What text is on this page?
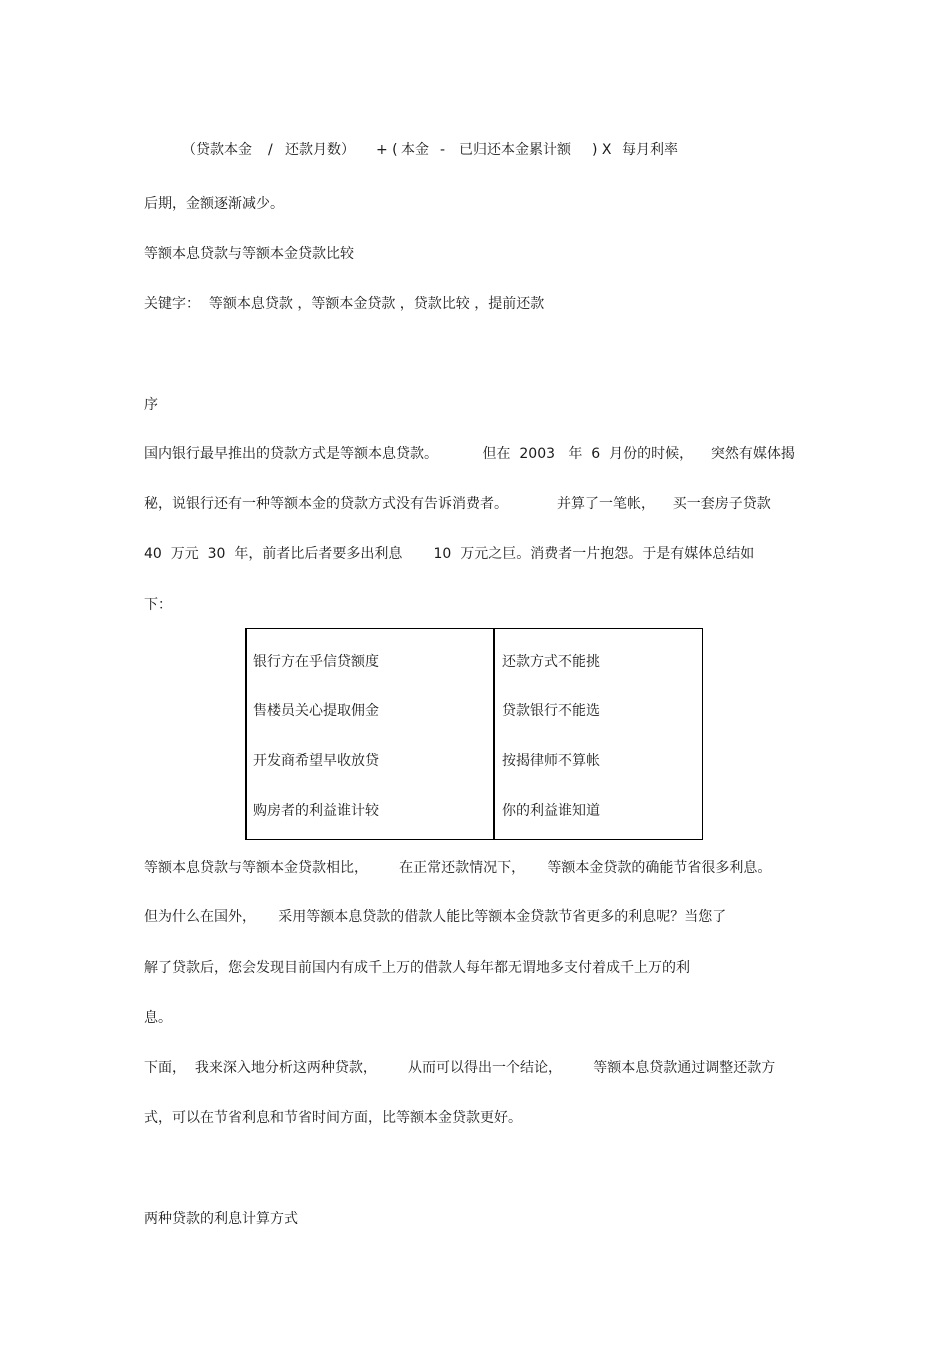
（贷款本金 / 还款月数） + ( 本金 - 已归还本金累计额 ) X 每月利率

后期，金额逐渐减少。

等额本息贷款与等额本金贷款比较

关键字：  等额本息贷款 ，等额本金贷款 ，贷款比较 ，提前还款

序

国内银行最早推出的贷款方式是等额本息贷款。          但在  2003   年  6  月份的时候，    突然有媒体揭

秘，说银行还有一种等额本金的贷款方式没有告诉消费者。           并算了一笔帐，    买一套房子贷款

40  万元  30  年，前者比后者要多出利息       10  万元之巨。消费者一片抱怨。于是有媒体总结如

下：

银行方在乎信贷额度	还款方式不能挑
售楼员关心提取佣金	贷款银行不能选
开发商希望早收放贷	按揭律师不算帐
购房者的利益谁计较	你的利益谁知道

等额本息贷款与等额本金贷款相比，       在正常还款情况下，     等额本金贷款的确能节省很多利息。

但为什么在国外，     采用等额本息贷款的借款人能比等额本金贷款节省更多的利息呢？当您了

解了贷款后，您会发现目前国内有成千上万的借款人每年都无谓地多支付着成千上万的利

息。

下面，  我来深入地分析这两种贷款，       从而可以得出一个结论，       等额本息贷款通过调整还款方

式，可以在节省利息和节省时间方面，比等额本金贷款更好。

两种贷款的利息计算方式
